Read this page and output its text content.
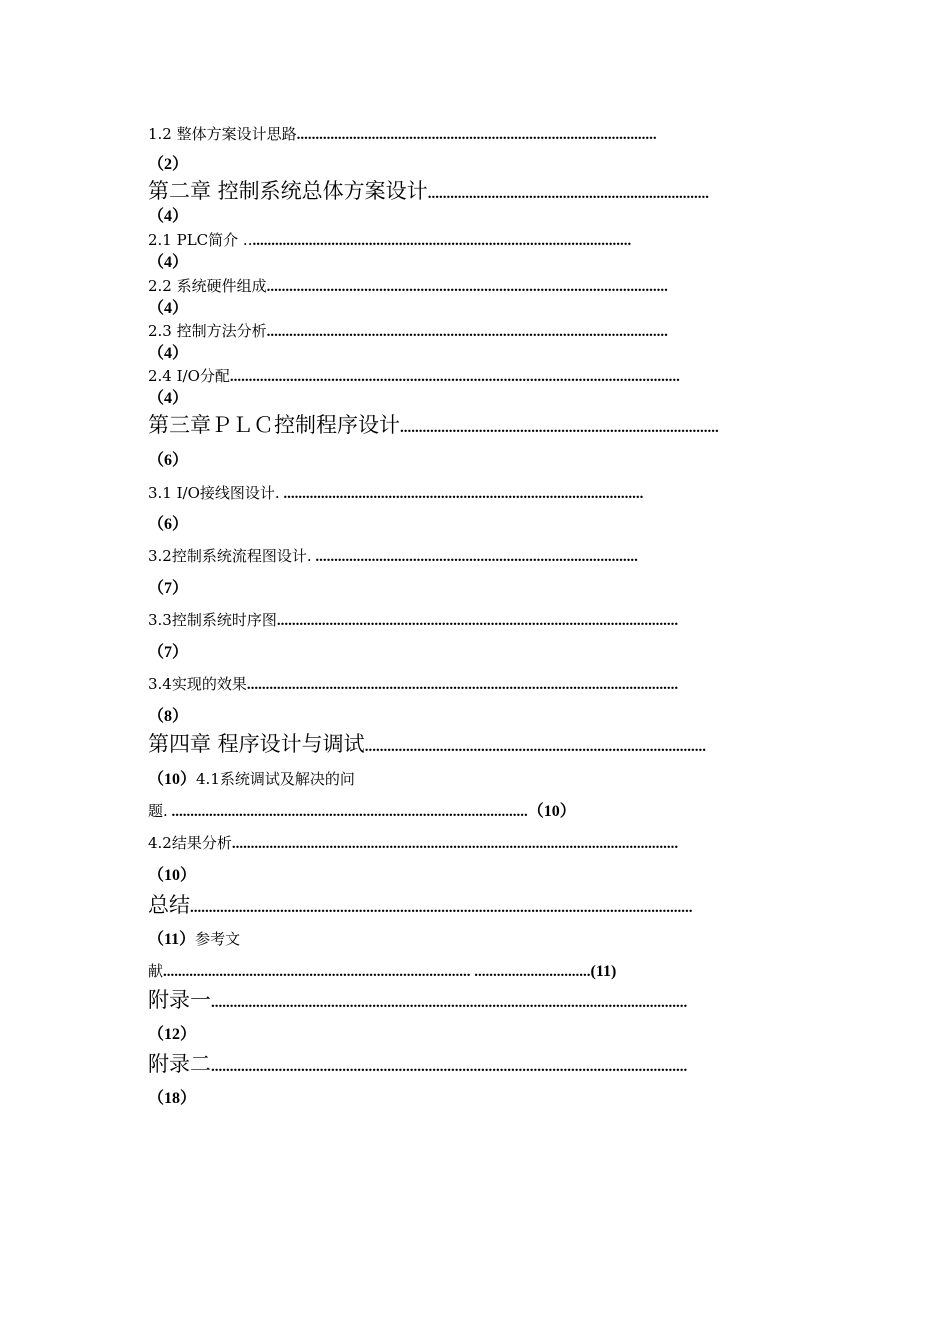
1.2 整体方案设计思路................................................................................................
（2）
第二章 控制系统总体方案设计...........................................................................
（4）
2.1 PLC简介 .......................................................................................................
（4）
2.2 系统硬件组成...........................................................................................................
（4）
2.3 控制方法分析...........................................................................................................
（4）
2.4 I/O分配........................................................................................................................
（4）
第三章ＰＬＣ控制程序设计.....................................................................................
（6）
3.1 I/O接线图设计. ................................................................................................
（6）
3.2控制系统流程图设计. ......................................................................................
（7）
3.3控制系统时序图...........................................................................................................
（7）
3.4实现的效果...................................................................................................................
（8）
第四章 程序设计与调试...........................................................................................
（10）4.1系统调试及解决的问
题. ...............................................................................................（10）
4.2结果分析.......................................................................................................................
（10）
总结......................................................................................................................................
（11）参考文
献.................................................................................. ...............................(11)
附录一...............................................................................................................................
（12）
附录二...............................................................................................................................
（18）
